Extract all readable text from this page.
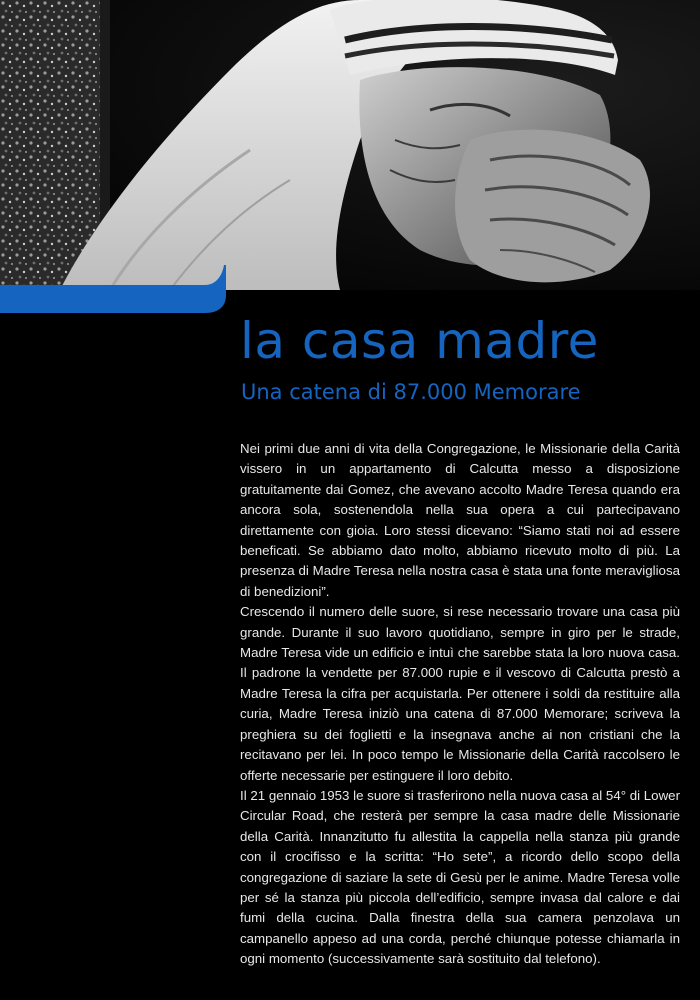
la casa madre
Una catena di 87.000 Memorare

Nei primi due anni di vita della Congregazione, le Missionarie della Carità vissero in un appartamento di Calcutta messo a disposizione gratuitamente dai Gomez, che avevano accolto Madre Teresa quando era ancora sola, sostenendola nella sua opera a cui partecipavano direttamente con gioia. Loro stessi dicevano: “Siamo stati noi ad essere beneficati. Se abbiamo dato molto, abbiamo ricevuto molto di più. La presenza di Madre Teresa nella nostra casa è stata una fonte meravigliosa di benedizioni”.

Crescendo il numero delle suore, si rese necessario trovare una casa più grande. Durante il suo lavoro quotidiano, sempre in giro per le strade, Madre Teresa vide un edificio e intuì che sarebbe stata la loro nuova casa. Il padrone la vendette per 87.000 rupie e il vescovo di Calcutta prestò a Madre Teresa la cifra per acquistarla. Per ottenere i soldi da restituire alla curia, Madre Teresa iniziò una catena di 87.000 Memorare; scriveva la preghiera su dei foglietti e la insegnava anche ai non cristiani che la recitavano per lei. In poco tempo le Missionarie della Carità raccolsero le offerte necessarie per estinguere il loro debito.

Il 21 gennaio 1953 le suore si trasferirono nella nuova casa al 54° di Lower Circular Road, che resterà per sempre la casa madre delle Missionarie della Carità. Innanzitutto fu allestita la cappella nella stanza più grande con il crocifisso e la scritta: “Ho sete”, a ricordo dello scopo della congregazione di saziare la sete di Gesù per le anime. Madre Teresa volle per sé la stanza più piccola dell’edificio, sempre invasa dal calore e dai fumi della cucina. Dalla finestra della sua camera penzolava un campanello appeso ad una corda, perché chiunque potesse chiamarla in ogni momento (successivamente sarà sostituito dal telefono).
